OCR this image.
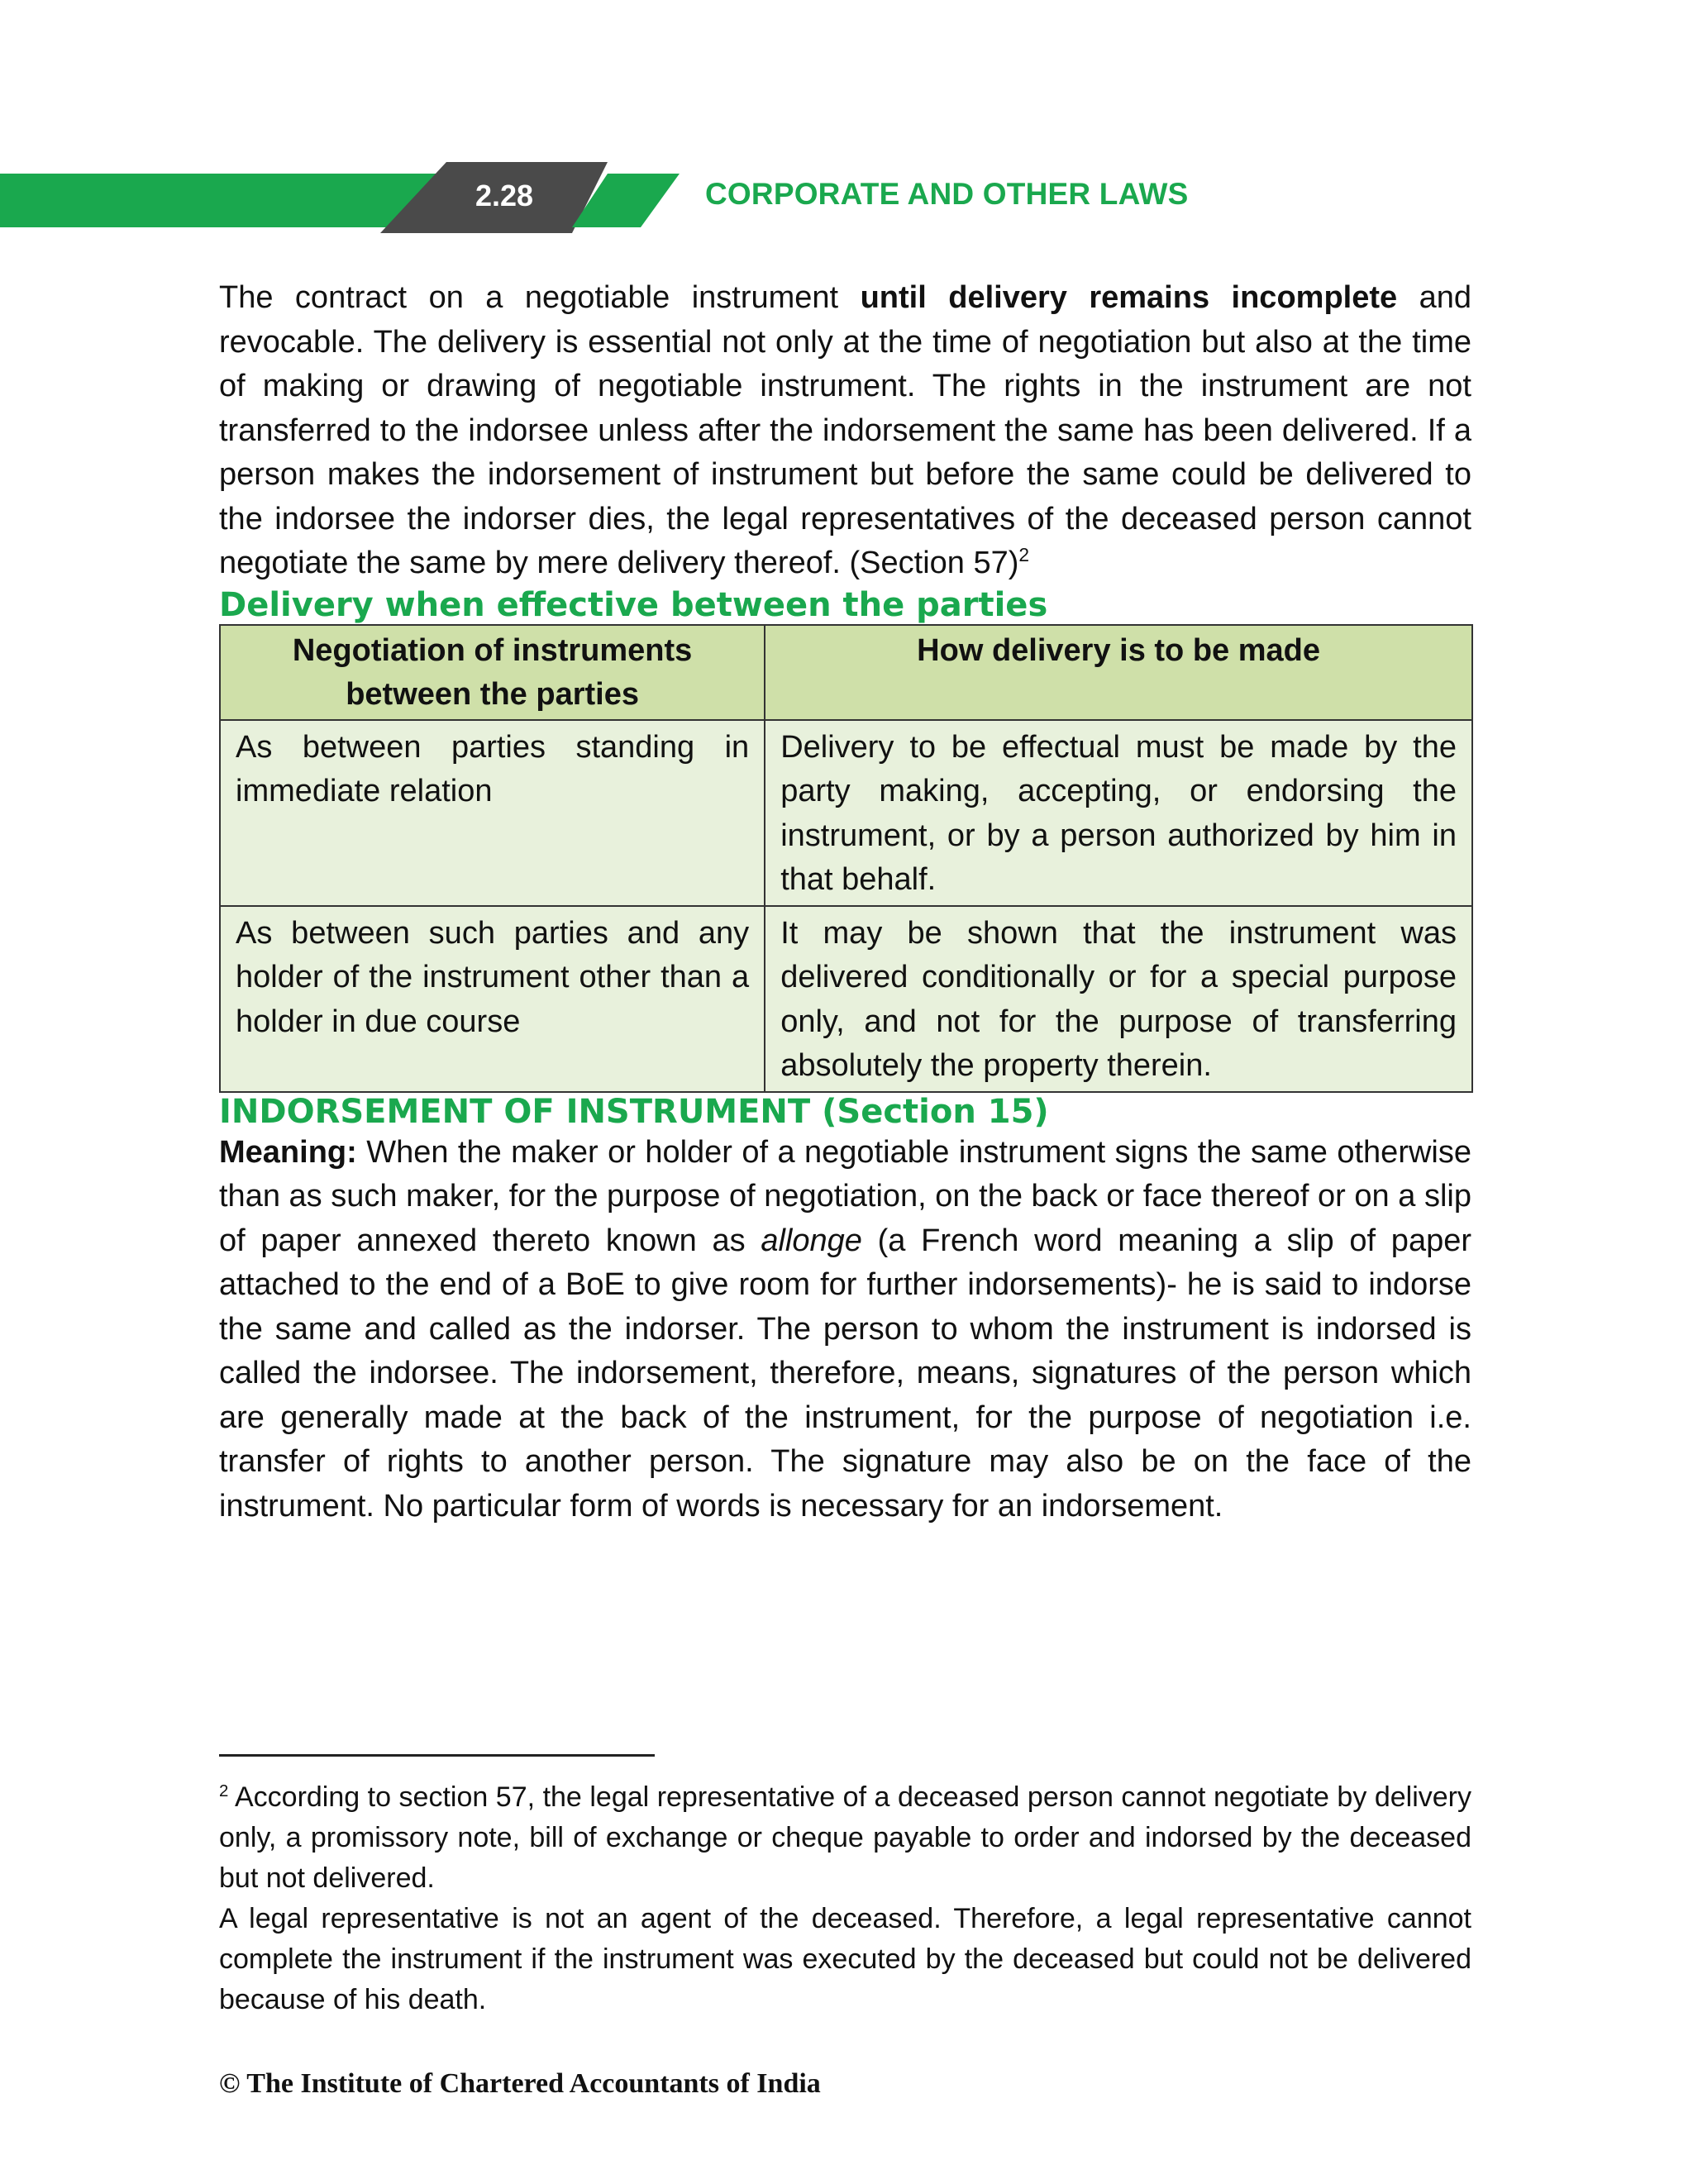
2.28	CORPORATE AND OTHER LAWS

The contract on a negotiable instrument until delivery remains incomplete and revocable. The delivery is essential not only at the time of negotiation but also at the time of making or drawing of negotiable instrument. The rights in the instrument are not transferred to the indorsee unless after the indorsement the same has been delivered. If a person makes the indorsement of instrument but before the same could be delivered to the indorsee the indorser dies, the legal representatives of the deceased person cannot negotiate the same by mere delivery thereof. (Section 57)$^2$

Delivery when effective between the parties
Negotiation of instruments between the parties	How delivery is to be made
As between parties standing in immediate relation	Delivery to be effectual must be made by the party making, accepting, or endorsing the instrument, or by a person authorized by him in that behalf.
As between such parties and any holder of the instrument other than a holder in due course	It may be shown that the instrument was delivered conditionally or for a special purpose only, and not for the purpose of transferring absolutely the property therein.
INDORSEMENT OF INSTRUMENT (Section 15)

Meaning: When the maker or holder of a negotiable instrument signs the same otherwise than as such maker, for the purpose of negotiation, on the back or face thereof or on a slip of paper annexed thereto known as allonge (a French word meaning a slip of paper attached to the end of a BoE to give room for further indorsements)- he is said to indorse the same and called as the indorser. The person to whom the instrument is indorsed is called the indorsee. The indorsement, therefore, means, signatures of the person which are generally made at the back of the instrument, for the purpose of negotiation i.e. transfer of rights to another person. The signature may also be on the face of the instrument. No particular form of words is necessary for an indorsement.

$^2$ According to section 57, the legal representative of a deceased person cannot negotiate by delivery only, a promissory note, bill of exchange or cheque payable to order and indorsed by the deceased but not delivered.

A legal representative is not an agent of the deceased. Therefore, a legal representative cannot complete the instrument if the instrument was executed by the deceased but could not be delivered because of his death.

© The Institute of Chartered Accountants of India
